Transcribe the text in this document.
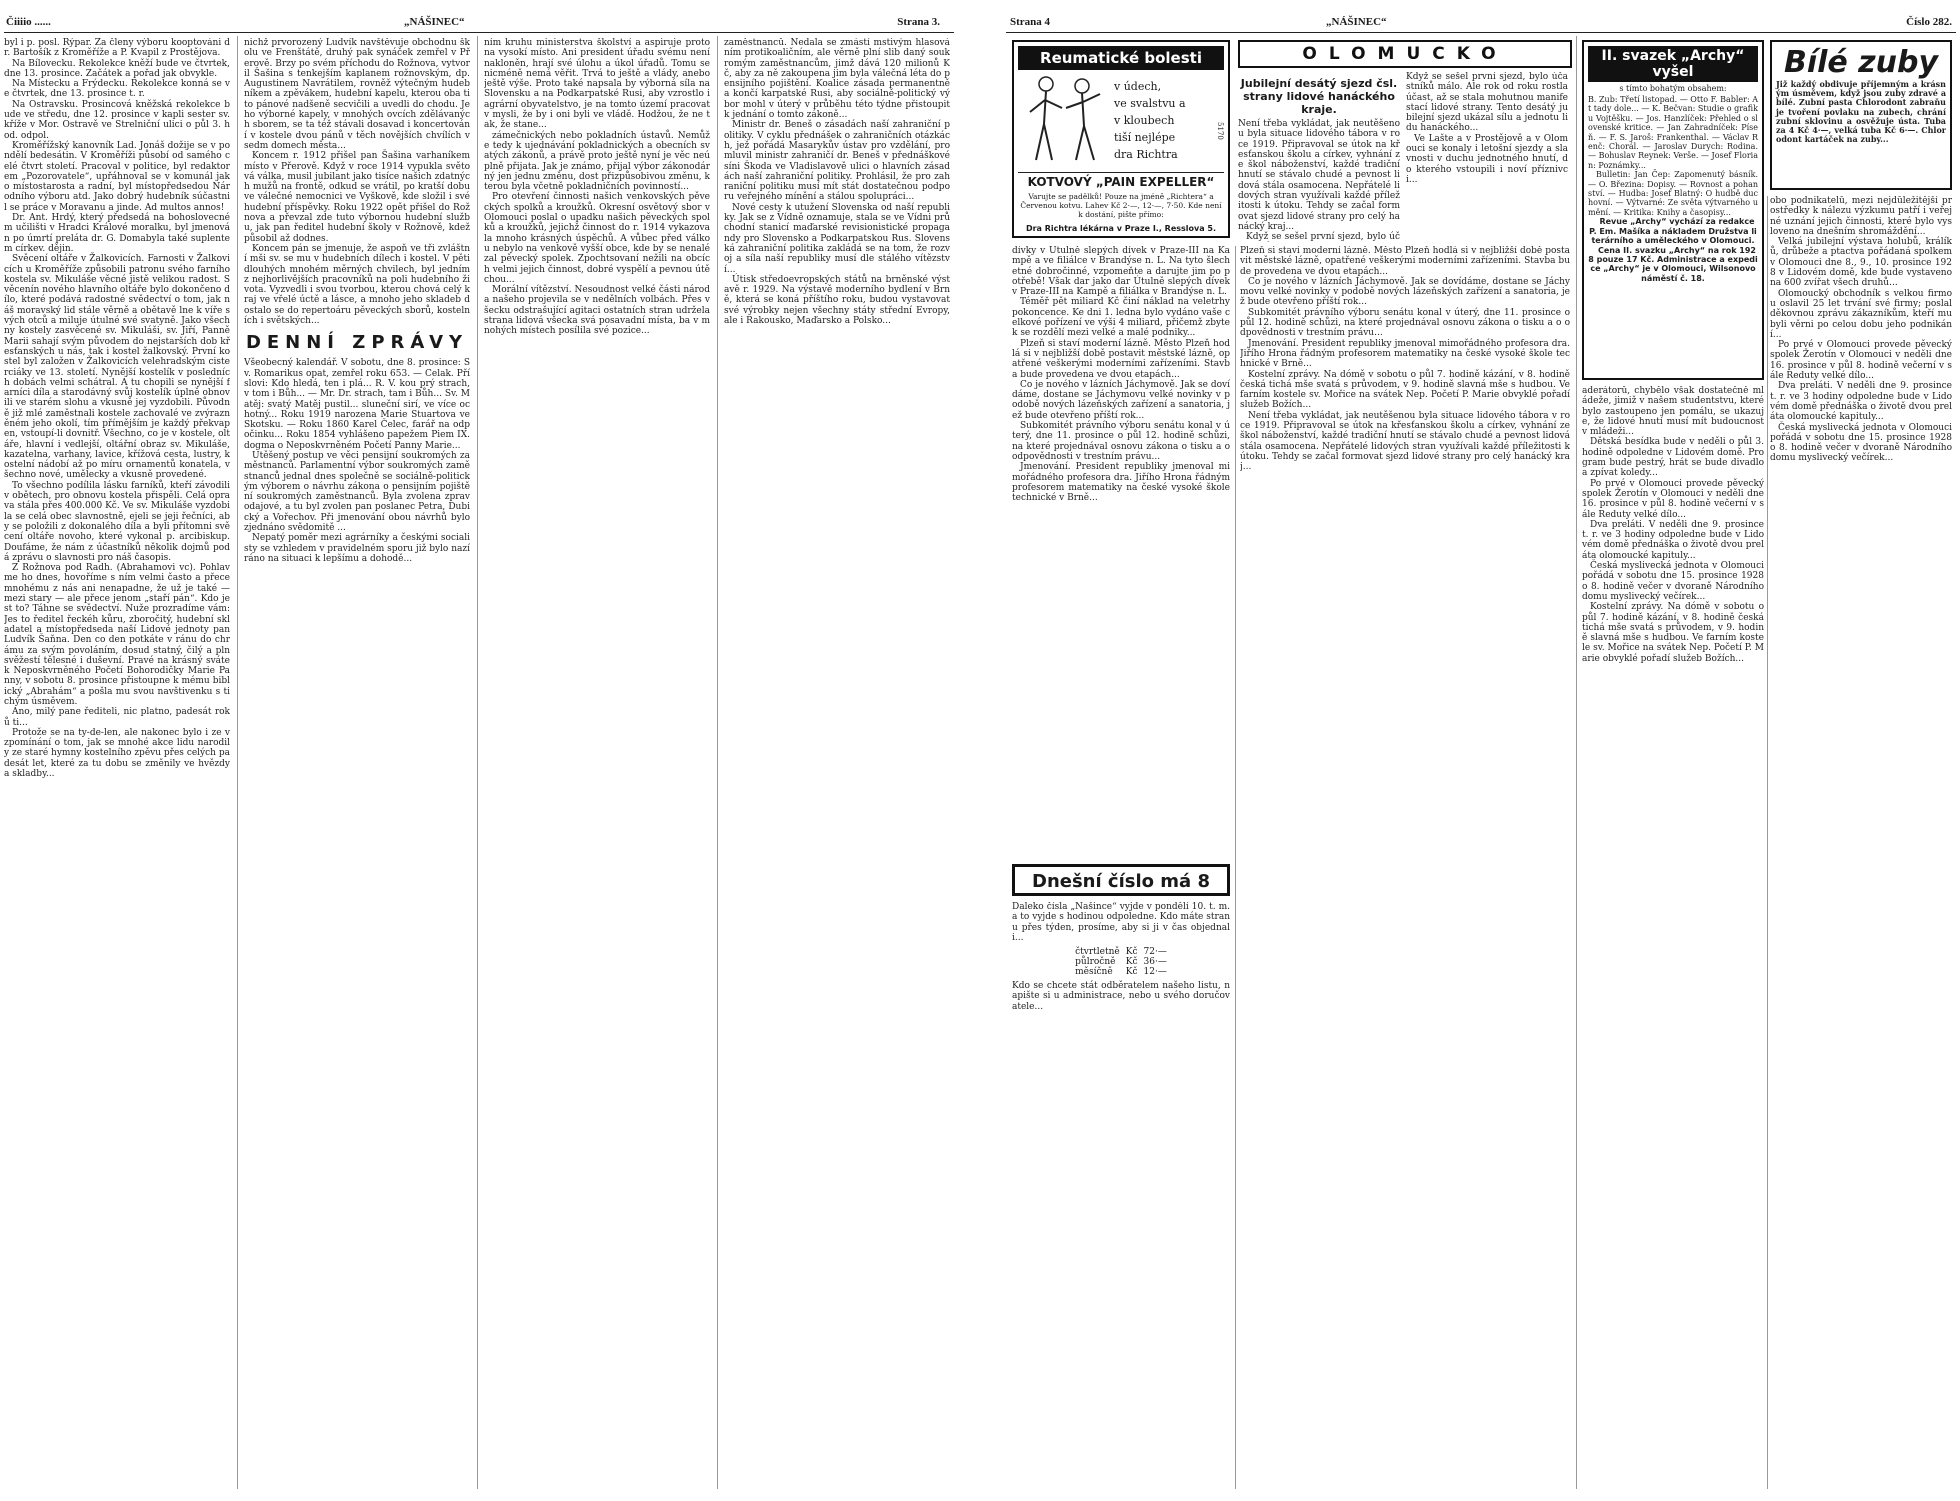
Čiiiio ......	„NÁŠINEC“	Strana 3.

byl i p. posl. Rýpar. Za členy výboru kooptováni dr. Bartošík z Kroměříže a P. Kvapil z Prostějova.

Na Bílovecku. Rekolekce kněží bude ve čtvrtek, dne 13. prosince. Začátek a pořad jak obvykle.

Na Místecku a Frýdecku. Rekolekce konná se ve čtvrtek, dne 13. prosince t. r.

Na Ostravsku. Prosincová kněžská rekolekce bude ve středu, dne 12. prosince v kapli sester sv. kříže v Mor. Ostravě ve Strelniční ulici o půl 3. hod. odpol.

Kroměřížský kanovník Lad. Jonáš dožije se v pondělí bedesátin. V Kroměříži působí od samého celé čtvrt století. Pracoval v politice, byl redaktorem „Pozorovatele“, upřáhnoval se v komunál jako místostarosta a radní, byl místopředsedou Národního výboru atd. Jako dobrý hudebník súčastnil se práce v Moravanu a jinde. Ad multos annos!

Dr. Ant. Hrdý, který předsedá na bohoslovecném učilišti v Hradci Králové moralku, byl jmenován po úmrtí preláta dr. G. Domabyla také suplentem církev. dějin.

Svěcení oltáře v Žalkovicích. Farnosti v Žalkovicích u Kroměříže způsobili patronu svého farního kostela sv. Mikuláše věcné jistě velikou radost. Svěcenín nového hlavního oltáře bylo dokončeno dílo, které podává radostné svědectví o tom, jak náš moravský lid stále věrně a obětavě lne k víře svých otců a miluje útulné své svatyně. Jako všechny kostely zasvěcené sv. Mikuláši, sv. Jiří, Panně Marii sahají svým původem do nejstarších dob křesťanských u nás, tak i kostel žalkovský. První kostel byl založen v Žalkovicích velehradským cisterciáky ve 13. století. Nynější kostelík v posledních dobách velmi schátral. A tu chopili se nynější farníci díla a starodávný svůj kostelík úplně obnovili ve starém slohu a vkusně jej vyzdobili. Původně již mlé zaměstnali kostele zachovalé ve zvýrazněném jeho okolí, tím přímějším je každý překvapen, vstoupí-li dovnitř. Všechno, co je v kostele, oltáře, hlavní i vedlejší, oltářní obraz sv. Mikuláše, kazatelna, varhany, lavice, křížová cesta, lustry, kostelní nádobí až po míru ornamentů konatela, všechno nové, umělecky a vkusně provedené.

To všechno podílila lásku farníků, kteří závodili v obětech, pro obnovu kostela přispěli. Celá oprava stála přes 400.000 Kč. Ve sv. Mikuláše vyzdobila se celá obec slavnostně, ejeli se jeji řečníci, aby se položili z dokonalého díla a byli přítomni svěcení oltáře novoho, které vykonal p. arcibiskup. Doufáme, že nám z účastníků několik dojmů podá zprávu o slavnosti pro náš časopis.

Z Rožnova pod Radh. (Abrahamovi vc). Pohlavme ho dnes, hovoříme s ním velmi často a přece mnohému z nás ani nenapadne, že už je také — mezi stary — ale přece jenom „staří pán“. Kdo jest to? Táhne se svědectví. Nuže prozradíme vám: Jes to ředitel řeckéh kůru, zboročitý, hudební skladatel a místopředseda naší Lidové jednoty pan Ludvík Šaňna. Den co den potkáte v ránu do chrámu za svým povoláním, dosud statný, čilý a pln svěžestí tělesné i duševní. Pravé na krásný svátek Neposkvrněného Početí Bohorodičky Marie Panny, v sobotu 8. prosince přistoupne k mému biblický „Abrahám“ a pošla mu svou navštivenku s tichým úsměvem.

Ano, milý pane řediteli, nic platno, padesát roků ti...

Protože se na ty-de-len, ale nakonec bylo i ze vzpomínání o tom, jak se mnohé akce lidu narodily ze staré hymny kostelního zpěvu přes celých padesát let, které za tu dobu se změnily ve hvězdy a skladby...

nichž prvorozený Ludvík navštěvuje obchodnu školu ve Frenštátě, druhý pak synáček zemřel v Přerově. Brzy po svém příchodu do Rožnova, vytvoril Šašina s tenkejším kaplanem rožnovským, dp. Augustinem Navrátilem, rovněž výtečným hudebníkem a zpěvákem, hudební kapelu, kterou oba tito pánové nadšeně secvičili a uvedli do chodu. Jeho výborné kapely, v mnohých ovcích zdělávaných sborem, se ta též stávali dosavad i koncertování v kostele dvou pánů v těch novějších chvílích v sedm domech města...

Koncem r. 1912 přišel pan Šašina varhaníkem místo v Přerově. Když v roce 1914 vypukla světová válka, musil jubilant jako tisíce našich zdatných mužů na frontě, odkud se vrátil, po kratší dobu ve válečné nemocnici ve Vyškově, kde složil i své hudební příspěvky. Roku 1922 opět přišel do Rožnova a převzal zde tuto výbornou hudební službu, jak pan ředitel hudební školy v Rožnově, kdež působil až dodnes.

Koncem pán se jmenuje, že aspoň ve tři zvláštní mši sv. se mu v hudebních dílech i kostel. V pěti dlouhých mnohém měrných chvilech, byl jedním z nejhorlivějších pracovníků na poli hudebního života. Vyzvedli i svou tvorbou, kterou chová celý kraj ve vřelé úctě a lásce, a mnoho jeho skladeb dostalo se do repertoáru pěveckých sborů, kostelních i světských...

DENNÍ ZPRÁVY

Všeobecný kalendář. V sobotu, dne 8. prosince: Sv. Romarikus opat, zemřel roku 653. — Celak. Příslovi: Kdo hledá, ten i plá... R. V. kou prý strach, v tom i Bůh... — Mr. Dr. strach, tam i Bůh... Sv. Matěj: svatý Matěj pustil... sluneční sirí, ve více ochotný... Roku 1919 narozena Marie Stuartova ve Skotsku. — Roku 1860 Karel Čelec, farář na odpočinku... Roku 1854 vyhlášeno papežem Piem IX. dogma o Neposkvrněném Početí Panny Marie...

Utěšený postup ve věci pensijní soukromých zaměstnanců. Parlamentní výbor soukromých zaměstnanců jednal dnes společně se sociálně-politickým výborem o návrhu zákona o pensijním pojištění soukromých zaměstnanců. Byla zvolena zpravodajové, a tu byl zvolen pan poslanec Petra, Dubický a Vořechov. Při jmenování obou návrhů bylo zjednáno svědomitě ...

Nepatý poměr mezi agrárníky a českými socialisty se vzhledem v pravidelném sporu již bylo nazíráno na situaci k lepšímu a dohodě...

ním kruhu ministerstva školství a aspiruje proto na vysokí místo. Ani president úřadu svému není nakloněn, hrají své úlohu a úkol úřadů. Tomu se nicméně nemá věřit. Trvá to ještě a vlády, anebo ještě výše. Proto také napsala by výborná síla na Slovensku a na Podkarpatské Rusi, aby vzrostlo i agrární obyvatelstvo, je na tomto území pracovat v mysli, že by i oni byli ve vládě. Hodžou, že ne tak, že stane...

zámečnických nebo pokladních ústavů. Nemůže tedy k ujednávání pokladnických a obecních svatých zákonů, a právě proto ještě nyní je věc neúplně přijata. Jak je známo, přijal výbor zákonodárný jen jednu změnu, dost přizpůsobivou změnu, kterou byla včetně pokladničních povinností...

Pro otevření činnosti našich venkovských pěveckých spolků a kroužků. Okresní osvětový sbor v Olomouci poslal o upadku našich pěveckých spolků a kroužků, jejichž činnost do r. 1914 vykazovala mnoho krásných úspěchů. A vůbec před válkou nebylo na venkově vyšší obce, kde by se nenalézal pěvecký spolek. Zpochtsovaní nežili na obcích velmi jejich činnost, dobré vyspělí a pevnou útěchou...

Morální vítězství. Nesoudnost velké části národa našeho projevila se v nedělních volbách. Přes všecku odstrašující agitaci ostatních stran udržela strana lidová všecka svá posavadní místa, ba v mnohých místech posílila své pozice...

zaměstnanců. Nedala se zmástí mstivým hlasováním protikoaličním, ale věrně plní slib daný soukromým zaměstnancům, jimž dává 120 milionů Kč, aby za ně zakoupena jim byla válečná léta do pensijního pojištění. Koalice zásada permanentně a končí karpatské Rusi, aby sociálně-politický výbor mohl v úterý v průběhu této týdne přistoupit k jednání o tomto zákoně...

Ministr dr. Beneš o zásadách naší zahraniční politiky. V cyklu přednášek o zahraničních otázkách, jež pořádá Masarykův ústav pro vzdělání, promluvil ministr zahraničí dr. Beneš v přednáškové síni Škoda ve Vladislavově ulici o hlavních zásadách naší zahraniční politiky. Prohlásil, že pro zahraniční politiku musí mít stát dostatečnou podporu veřejného mínění a stálou spolupráci...

Nové cesty k utužení Slovenska od naší republiky. Jak se z Vídně oznamuje, stala se ve Vídni průchodní stanicí maďarské revisionistické propagandy pro Slovensko a Podkarpatskou Rus. Slovenská zahraniční politika zakládá se na tom, že rozvoj a síla naší republiky musí dle stálého vítězství...

Útisk středoevropských států na brněnské výstavě r. 1929. Na výstavě moderního bydlení v Brně, která se koná příštího roku, budou vystavovat své výrobky nejen všechny státy střední Evropy, ale i Rakousko, Maďarsko a Polsko...

Strana 4	„NÁŠINEC“	Číslo 282.
Reumatické bolesti
v údech,
ve svalstvu a
v kloubech
tiší nejlépe
dra Richtra
5170
KOTVOVÝ „PAIN EXPELLER“
Varujte se padělků! Pouze na jméně „Richtera“ a Červenou kotvu. Lahev Kč 2·—, 12·—, 7·50. Kde není k dostání, pište přímo:
Dra Richtra lékárna v Praze I., Resslova 5.
OLOMUCKO
Jubilejní desátý sjezd čsl. strany lidové hanáckého kraje.

Není třeba vykládat, jak neutěšenou byla situace lidového tábora v roce 1919. Připravoval se útok na křesťanskou školu a církev, vyhnání ze škol náboženství, každé tradiční hnutí se stávalo chudé a pevnost lidová stála osamocena. Nepřátelé lidových stran využívali každé příležitosti k útoku. Tehdy se začal formovat sjezd lidové strany pro celý hanácký kraj...

Když se sešel první sjezd, bylo úč

Když se sešel první sjezd, bylo účastníků málo. Ale rok od roku rostla účast, až se stala mohutnou manifestací lidové strany. Tento desátý jubilejní sjezd ukázal sílu a jednotu lidu hanáckého...

Ve Lašte a v Prostějově a v Olomouci se konaly i letošní sjezdy a slavnosti v duchu jednotného hnutí, do kterého vstoupili i noví příznivci...

dívky v Utulně slepých dívek v Praze-III na Kampě a ve filiálce v Brandýse n. L. Na tyto šlechetné dobročinné, vzpomeňte a darujte jim po potřebě! Však dar jako dar Útulně slepých dívek v Praze-III na Kampě a filiálka v Brandýse n. L.

Téměř pět miliard Kč činí náklad na veletrhy pokoncence. Ke dni 1. ledna bylo vydáno vaše celkové pořízení ve výši 4 miliard, přičemž zbytek se rozdělí mezi velké a malé podniky...

Plzeň si staví moderní lázně. Město Plzeň hodlá si v nejbližší době postavit městské lázně, opatřené veškerými moderními zařízeními. Stavba bude provedena ve dvou etapách...

Co je nového v lázních Jáchymově. Jak se dovídáme, dostane se Jáchymovu velké novinky v podobě nových lázeňských zařízení a sanatoria, jež bude otevřeno příští rok...

Subkomitét právního výboru senátu konal v úterý, dne 11. prosince o půl 12. hodině schůzi, na které projednával osnovu zákona o tisku a o odpovědnosti v trestním právu...

Jmenování. President republiky jmenoval mimořádného profesora dra. Jiřího Hrona řádným profesorem matematiky na české vysoké škole technické v Brně...

Dnešní číslo má 8

Daleko čísla „Našince“ vyjde v pondělí 10. t. m. a to vyjde s hodinou odpoledne. Kdo máte stranu přes týden, prosíme, aby si ji v čas objednali...

čtvrtletně	Kč	72·—
půlročně	Kč	36·—
měsíčně	Kč	12·—

Kdo se chcete stát odběratelem našeho listu, napište si u administrace, nebo u svého doručovatele...

Plzeň si staví moderní lázně. Město Plzeň hodlá si v nejbližší době postavit městské lázně, opatřené veškerými moderními zařízeními. Stavba bude provedena ve dvou etapách...

Co je nového v lázních Jáchymově. Jak se dovídáme, dostane se Jáchymovu velké novinky v podobě nových lázeňských zařízení a sanatoria, jež bude otevřeno příští rok...

Subkomitét právního výboru senátu konal v úterý, dne 11. prosince o půl 12. hodině schůzi, na které projednával osnovu zákona o tisku a o odpovědnosti v trestním právu...

Jmenování. President republiky jmenoval mimořádného profesora dra. Jiřího Hrona řádným profesorem matematiky na české vysoké škole technické v Brně...

Kostelní zprávy. Na dómě v sobotu o půl 7. hodině kázání, v 8. hodině česká tichá mše svatá s průvodem, v 9. hodině slavná mše s hudbou. Ve farním kostele sv. Mořice na svátek Nep. Početí P. Marie obvyklé pořadí služeb Božích...

Není třeba vykládat, jak neutěšenou byla situace lidového tábora v roce 1919. Připravoval se útok na křesťanskou školu a církev, vyhnání ze škol náboženství, každé tradiční hnutí se stávalo chudé a pevnost lidová stála osamocena. Nepřátelé lidových stran využívali každé příležitosti k útoku. Tehdy se začal formovat sjezd lidové strany pro celý hanácký kraj...

II. svazek „Archy“ vyšel
s tímto bohatým obsahem:

B. Zub: Třetí listopad. — Otto F. Babler: At tady dole... — K. Bečvan: Studie o grafiku Vojtěšku. — Jos. Hanzlíček: Přehled o slovenské kritice. — Jan Zahradníček: Píseň. — F. S. Jaroš: Frankenthal. — Václav Renč: Chorál. — Jaroslav Durych: Rodina. — Bohuslav Reynek: Verše. — Josef Florian: Poznámky...

Bulletin: Jan Čep: Zapomenutý básník. — O. Březina: Dopisy. — Rovnost a pohanství. — Hudba: Josef Blatný: O hudbě duchovní. — Výtvarné: Ze světa výtvarného umění. — Kritika: Knihy a časopisy...

Revue „Archy“ vychází za redakce P. Em. Mašíka a nákladem Družstva literárního a uměleckého v Olomouci.

Cena II. svazku „Archy“ na rok 1928 pouze 17 Kč. Administrace a expedice „Archy“ je v Olomouci, Wilsonovo náměstí č. 18.

Bílé zuby

Již každý obdivuje příjemným a krásným úsměvem, když jsou zuby zdravé a bílé. Zubní pasta Chlorodont zabraňuje tvoření povlaku na zubech, chrání zubní sklovinu a osvěžuje ústa. Tuba za 4 Kč 4·—, velká tuba Kč 6·—. Chlorodont kartáček na zuby...

aderátorů, chybělo však dostatečně mládeže, jimiž v našem studentstvu, které bylo zastoupeno jen pomálu, se ukazuje, že lidové hnutí musí mít budoucnost v mládeži...

Dětská besídka bude v neděli o půl 3. hodině odpoledne v Lidovém domě. Program bude pestrý, hrát se bude divadlo a zpívat koledy...

Po prvé v Olomouci provede pěvecký spolek Žerotín v Olomouci v neděli dne 16. prosince v půl 8. hodině večerní v sále Reduty velké dílo...

Dva preláti. V neděli dne 9. prosince t. r. ve 3 hodiny odpoledne bude v Lidovém domě přednáška o životě dvou preláta olomoucké kapituly...

Česká myslivecká jednota v Olomouci pořádá v sobotu dne 15. prosince 1928 o 8. hodině večer v dvoraně Národního domu myslivecký večírek...

Kostelní zprávy. Na dómě v sobotu o půl 7. hodině kázání, v 8. hodině česká tichá mše svatá s průvodem, v 9. hodině slavná mše s hudbou. Ve farním kostele sv. Mořice na svátek Nep. Početí P. Marie obvyklé pořadí služeb Božích...

obo podnikatelů, mezi nejdůležitější prostředky k nálezu výzkumu patří i veřejné uznání jejich činnosti, které bylo vysloveno na dnešním shromáždění...

Velká jubilejní výstava holubů, králíků, drůbeže a ptactva pořádaná spolkem v Olomouci dne 8., 9., 10. prosince 1928 v Lidovém domě, kde bude vystaveno na 600 zvířat všech druhů...

Olomoucký obchodník s velkou firmou oslavil 25 let trvání své firmy; poslal děkovnou zprávu zákazníkům, kteří mu byli věrni po celou dobu jeho podnikání...

Po prvé v Olomouci provede pěvecký spolek Žerotín v Olomouci v neděli dne 16. prosince v půl 8. hodině večerní v sále Reduty velké dílo...

Dva preláti. V neděli dne 9. prosince t. r. ve 3 hodiny odpoledne bude v Lidovém domě přednáška o životě dvou preláta olomoucké kapituly...

Česká myslivecká jednota v Olomouci pořádá v sobotu dne 15. prosince 1928 o 8. hodině večer v dvoraně Národního domu myslivecký večírek...
